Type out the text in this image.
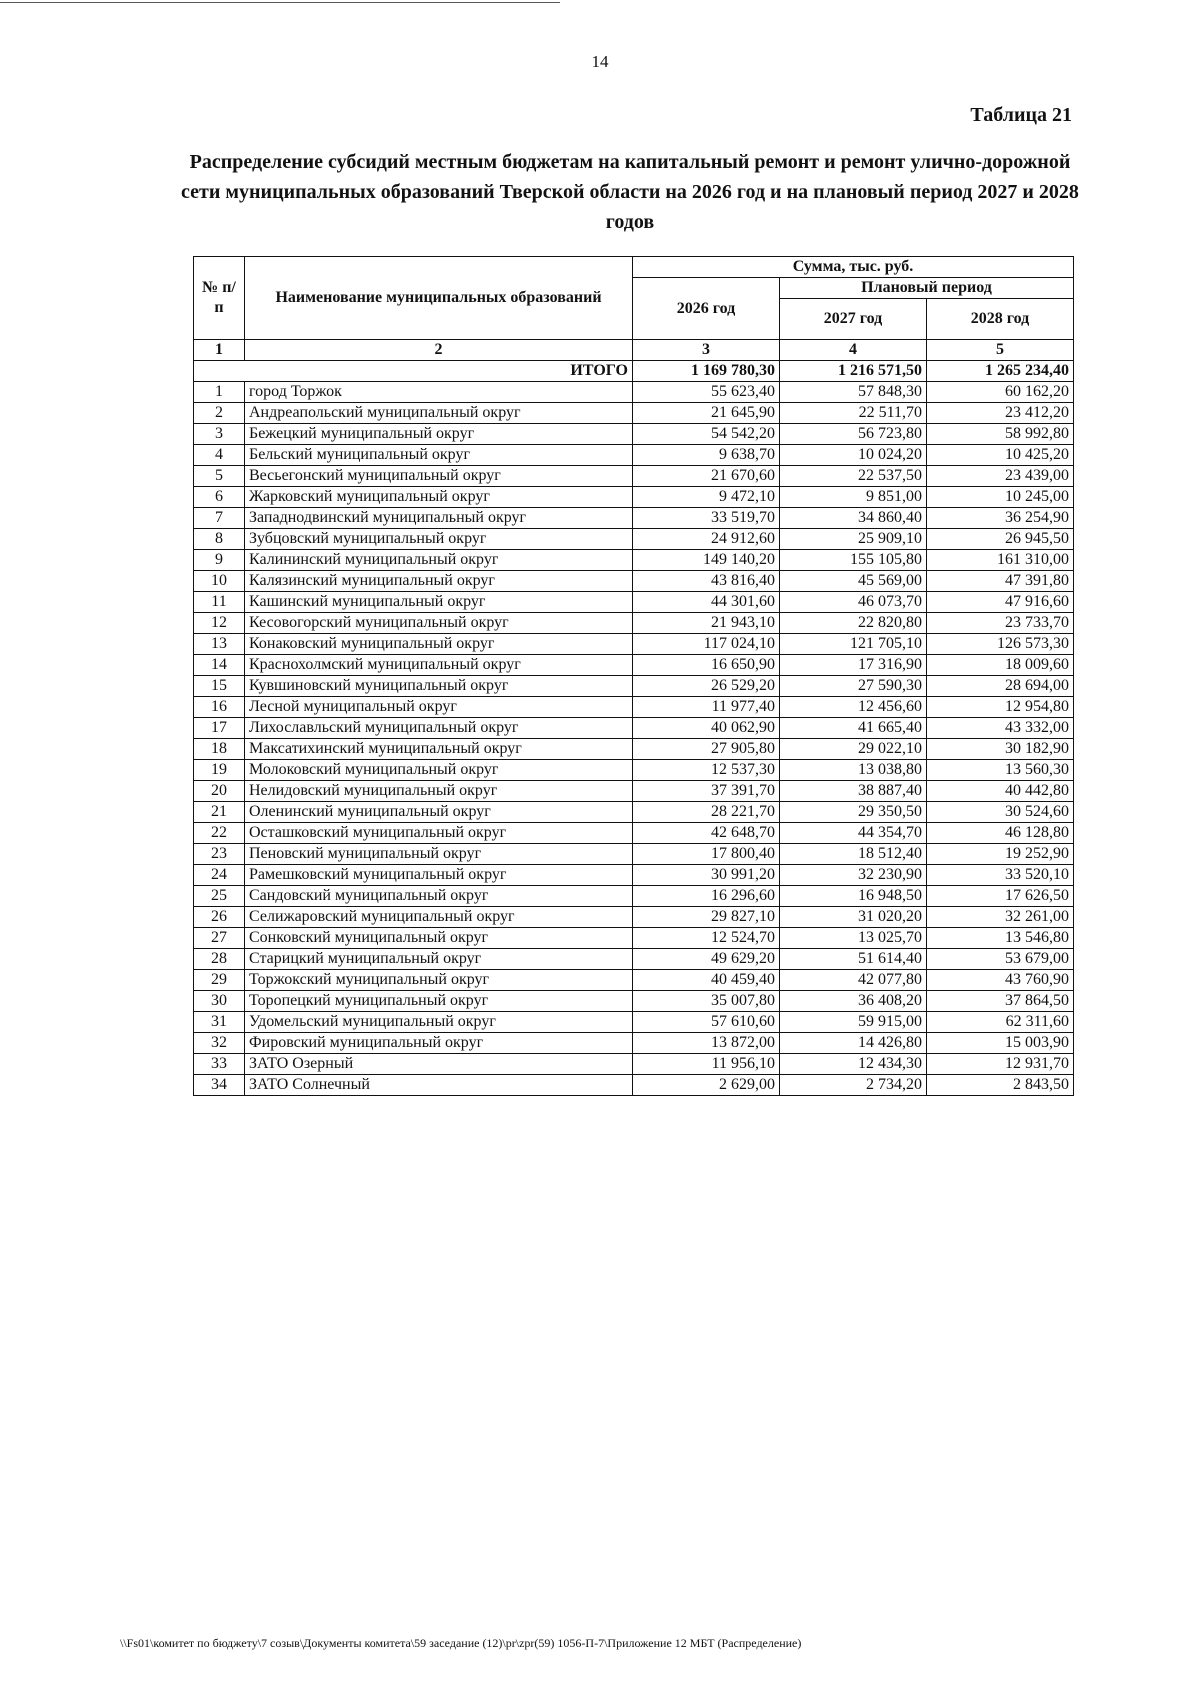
14
Таблица 21
Распределение субсидий местным бюджетам на капитальный ремонт и ремонт улично-дорожной сети муниципальных образований Тверской области на 2026 год и на плановый период 2027 и 2028 годов
№ п/п	Наименование муниципальных образований	Сумма, тыс. руб.		
		2026 год	Плановый период	
			2027 год	2028 год
1	2	3	4	5
ИТОГО		1 169 780,30	1 216 571,50	1 265 234,40
1	город Торжок	55 623,40	57 848,30	60 162,20
2	Андреапольский муниципальный округ	21 645,90	22 511,70	23 412,20
3	Бежецкий муниципальный округ	54 542,20	56 723,80	58 992,80
4	Бельский муниципальный округ	9 638,70	10 024,20	10 425,20
5	Весьегонский муниципальный округ	21 670,60	22 537,50	23 439,00
6	Жарковский муниципальный округ	9 472,10	9 851,00	10 245,00
7	Западнодвинский муниципальный округ	33 519,70	34 860,40	36 254,90
8	Зубцовский муниципальный округ	24 912,60	25 909,10	26 945,50
9	Калининский муниципальный округ	149 140,20	155 105,80	161 310,00
10	Калязинский муниципальный округ	43 816,40	45 569,00	47 391,80
11	Кашинский муниципальный округ	44 301,60	46 073,70	47 916,60
12	Кесовогорский муниципальный округ	21 943,10	22 820,80	23 733,70
13	Конаковский муниципальный округ	117 024,10	121 705,10	126 573,30
14	Краснохолмский муниципальный округ	16 650,90	17 316,90	18 009,60
15	Кувшиновский муниципальный округ	26 529,20	27 590,30	28 694,00
16	Лесной муниципальный округ	11 977,40	12 456,60	12 954,80
17	Лихославльский муниципальный округ	40 062,90	41 665,40	43 332,00
18	Максатихинский муниципальный округ	27 905,80	29 022,10	30 182,90
19	Молоковский муниципальный округ	12 537,30	13 038,80	13 560,30
20	Нелидовский муниципальный округ	37 391,70	38 887,40	40 442,80
21	Оленинский муниципальный округ	28 221,70	29 350,50	30 524,60
22	Осташковский муниципальный округ	42 648,70	44 354,70	46 128,80
23	Пеновский муниципальный округ	17 800,40	18 512,40	19 252,90
24	Рамешковский муниципальный округ	30 991,20	32 230,90	33 520,10
25	Сандовский муниципальный округ	16 296,60	16 948,50	17 626,50
26	Селижаровский муниципальный округ	29 827,10	31 020,20	32 261,00
27	Сонковский муниципальный округ	12 524,70	13 025,70	13 546,80
28	Старицкий муниципальный округ	49 629,20	51 614,40	53 679,00
29	Торжокский муниципальный округ	40 459,40	42 077,80	43 760,90
30	Торопецкий муниципальный округ	35 007,80	36 408,20	37 864,50
31	Удомельский муниципальный округ	57 610,60	59 915,00	62 311,60
32	Фировский муниципальный округ	13 872,00	14 426,80	15 003,90
33	ЗАТО Озерный	11 956,10	12 434,30	12 931,70
34	ЗАТО Солнечный	2 629,00	2 734,20	2 843,50
\\Fs01\комитет по бюджету\7 созыв\Документы комитета\59 заседание (12)\pr\zpr(59) 1056-П-7\Приложение 12 МБТ (Распределение)
